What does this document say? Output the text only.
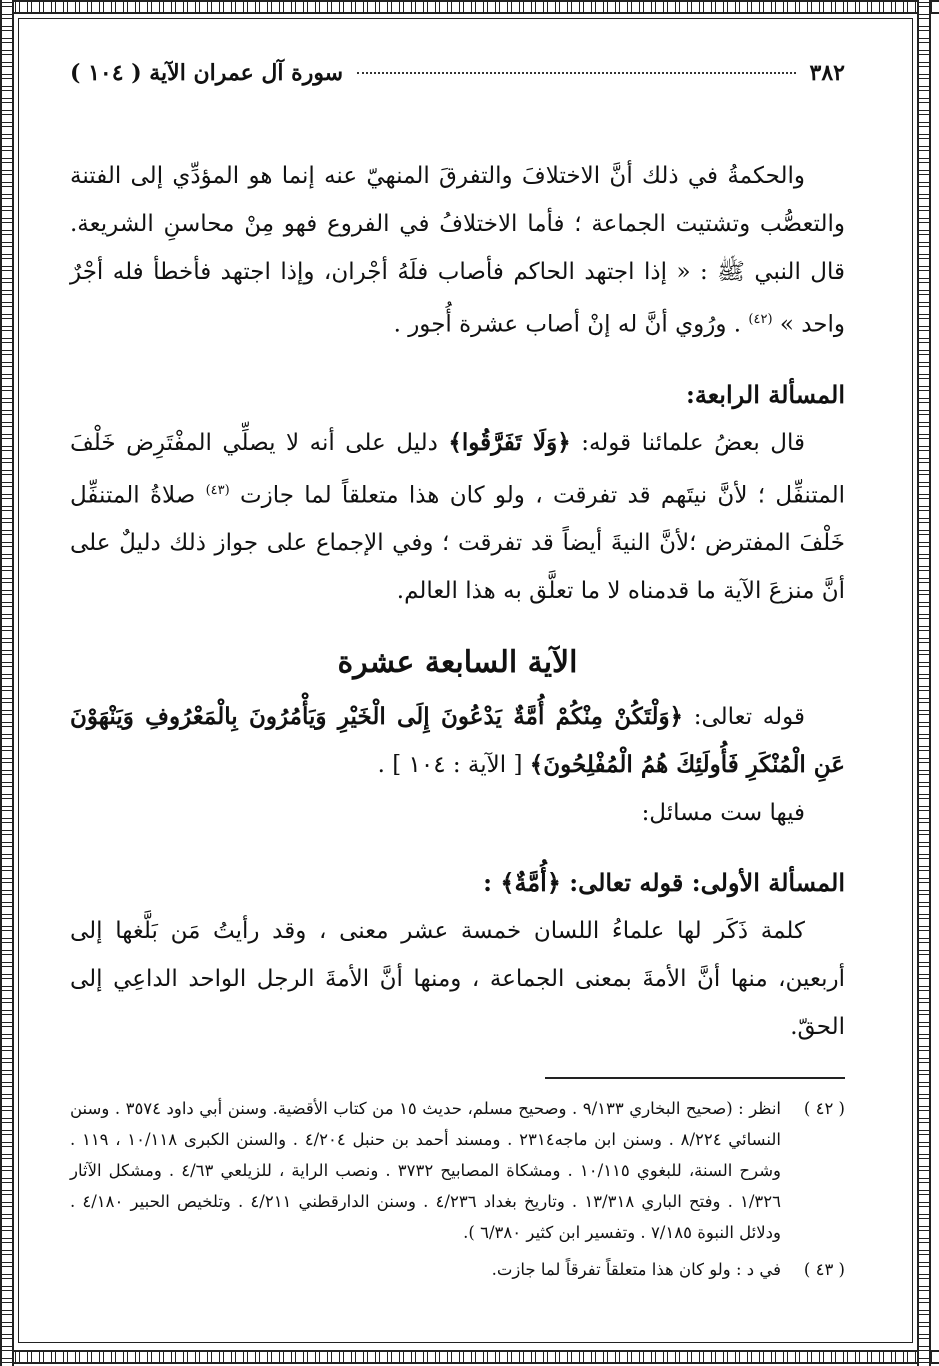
٣٨٢
سورة آل عمران الآية ( ١٠٤ )

والحكمةُ في ذلك أنَّ الاختلافَ والتفرقَ المنهيّ عنه إنما هو المؤدِّي إلى الفتنة والتعصُّب وتشتيت الجماعة ؛ فأما الاختلافُ في الفروع فهو مِنْ محاسنِ الشريعة. قال النبي ﷺ : « إذا اجتهد الحاكم فأصاب فلَهُ أجْران، وإذا اجتهد فأخطأ فله أجْرٌ واحد » $^{(٤٢)}$ . ورُوي أنَّ له إنْ أصاب عشرة أُجور .

المسألة الرابعة:

قال بعضُ علمائنا قوله: ﴿وَلَا تَفَرَّقُوا﴾ دليل على أنه لا يصلِّي المفْتَرِض خَلْفَ المتنفِّل ؛ لأنَّ نيتَهم قد تفرقت ، ولو كان هذا متعلقاً لما جازت $^{(٤٣)}$ صلاةُ المتنفِّل خَلْفَ المفترض ؛لأنَّ النيةَ أيضاً قد تفرقت ؛ وفي الإجماع على جواز ذلك دليلٌ على أنَّ منزعَ الآية ما قدمناه لا ما تعلَّق به هذا العالم.

الآية السابعة عشرة

قوله تعالى: ﴿وَلْتَكُنْ مِنْكُمْ أُمَّةٌ يَدْعُونَ إِلَى الْخَيْرِ وَيَأْمُرُونَ بِالْمَعْرُوفِ وَيَنْهَوْنَ عَنِ الْمُنْكَرِ فَأُولَئِكَ هُمُ الْمُفْلِحُونَ﴾ [ الآية : ١٠٤ ] .

فيها ست مسائل:

المسألة الأولى: قوله تعالى: ﴿أُمَّةٌ﴾ :

كلمة ذَكَر لها علماءُ اللسان خمسة عشر معنى ، وقد رأيتُ مَن بَلَّغها إلى أربعين، منها أنَّ الأمةَ بمعنى الجماعة ، ومنها أنَّ الأمةَ الرجل الواحد الداعِي إلى الحقّ.

( ٤٢ )
انظر : (صحيح البخاري ٩/١٣٣ . وصحيح مسلم، حديث ١٥ من كتاب الأقضية. وسنن أبي داود ٣٥٧٤ . وسنن النسائي ٨/٢٢٤ . وسنن ابن ماجه٢٣١٤ . ومسند أحمد بن حنبل ٤/٢٠٤ . والسنن الكبرى ١٠/١١٨ ، ١١٩ . وشرح السنة، للبغوي ١٠/١١٥ . ومشكاة المصابيح ٣٧٣٢ . ونصب الراية ، للزيلعي ٤/٦٣ . ومشكل الآثار ١/٣٢٦ . وفتح الباري ١٣/٣١٨ . وتاريخ بغداد ٤/٢٣٦ . وسنن الدارقطني ٤/٢١١ . وتلخيص الحبير ٤/١٨٠ . ودلائل النبوة ٧/١٨٥ . وتفسير ابن كثير ٦/٣٨٠ ).
( ٤٣ )
في د : ولو كان هذا متعلقاً تفرقاً لما جازت.
